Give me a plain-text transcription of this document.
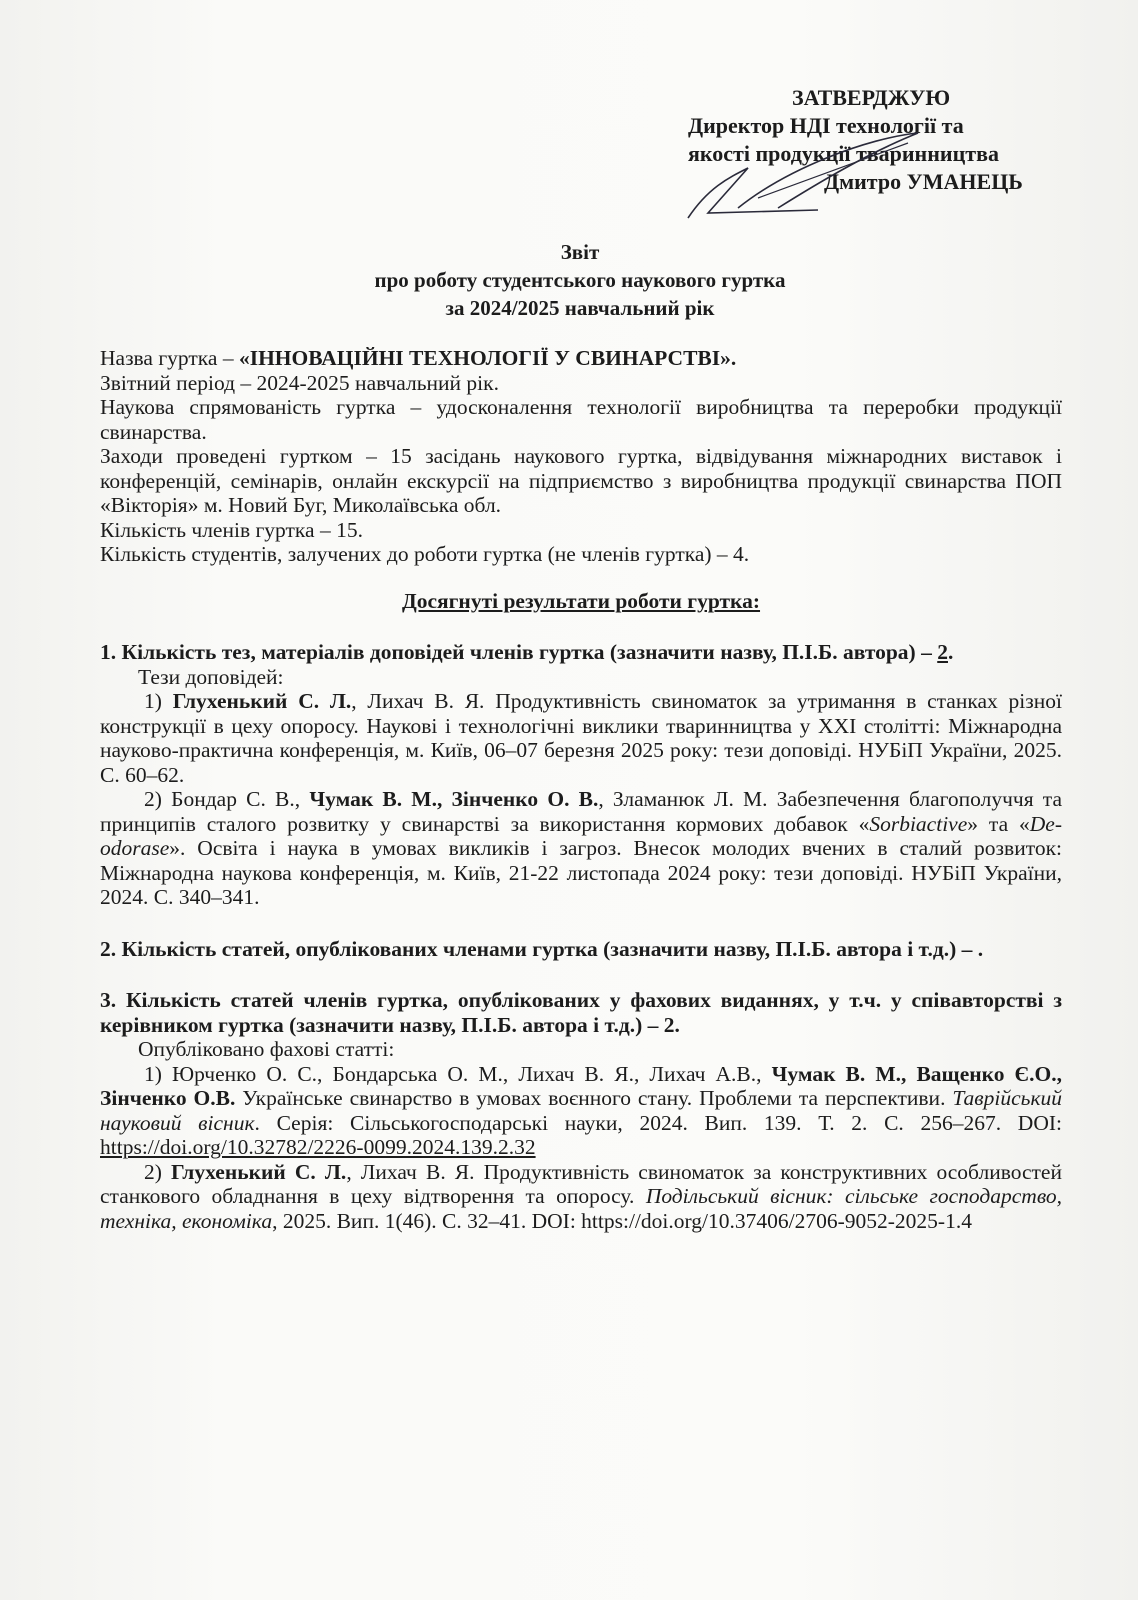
ЗАТВЕРДЖУЮ
Директор НДІ технології та
якості продукції тваринництва
Дмитро УМАНЕЦЬ
Звіт
про роботу студентського наукового гуртка
за 2024/2025 навчальний рік

Назва гуртка – «ІННОВАЦІЙНІ ТЕХНОЛОГІЇ У СВИНАРСТВІ».

Звітний період – 2024-2025 навчальний рік.

Наукова спрямованість гуртка – удосконалення технології виробництва та переробки продукції свинарства.

Заходи проведені гуртком – 15 засідань наукового гуртка, відвідування міжнародних виставок і конференцій, семінарів, онлайн екскурсії на підприємство з виробництва продукції свинарства ПОП «Вікторія» м. Новий Буг, Миколаївська обл.

Кількість членів гуртка – 15.

Кількість студентів, залучених до роботи гуртка (не членів гуртка) – 4.

Досягнуті результати роботи гуртка:

1. Кількість тез, матеріалів доповідей членів гуртка (зазначити назву, П.І.Б. автора) – 2.

Тези доповідей:

1) Глухенький С. Л., Лихач В. Я. Продуктивність свиноматок за утримання в станках різної конструкції в цеху опоросу. Наукові і технологічні виклики тваринництва у XXI столітті: Міжнародна науково-практична конференція, м. Київ, 06–07 березня 2025 року: тези доповіді. НУБіП України, 2025. С. 60–62.

2) Бондар С. В., Чумак В. М., Зінченко О. В., Зламанюк Л. М. Забезпечення благополуччя та принципів сталого розвитку у свинарстві за використання кормових добавок «Sorbiactive» та «De-odorase». Освіта і наука в умовах викликів і загроз. Внесок молодих вчених в сталий розвиток: Міжнародна наукова конференція, м. Київ, 21-22 листопада 2024 року: тези доповіді. НУБіП України, 2024. С. 340–341.

2. Кількість статей, опублікованих членами гуртка (зазначити назву, П.І.Б. автора і т.д.) – .

3. Кількість статей членів гуртка, опублікованих у фахових виданнях, у т.ч. у співавторстві з керівником гуртка (зазначити назву, П.І.Б. автора і т.д.) – 2.

Опубліковано фахові статті:

1) Юрченко О. С., Бондарська О. М., Лихач В. Я., Лихач А.В., Чумак В. М., Ващенко Є.О., Зінченко О.В. Українське свинарство в умовах воєнного стану. Проблеми та перспективи. Таврійський науковий вісник. Серія: Сільськогосподарські науки, 2024. Вип. 139. Т. 2. С. 256–267. DOI: https://doi.org/10.32782/2226-0099.2024.139.2.32

2) Глухенький С. Л., Лихач В. Я. Продуктивність свиноматок за конструктивних особливостей станкового обладнання в цеху відтворення та опоросу. Подільський вісник: сільське господарство, техніка, економіка, 2025. Вип. 1(46). С. 32–41. DOI: https://doi.org/10.37406/2706-9052-2025-1.4
